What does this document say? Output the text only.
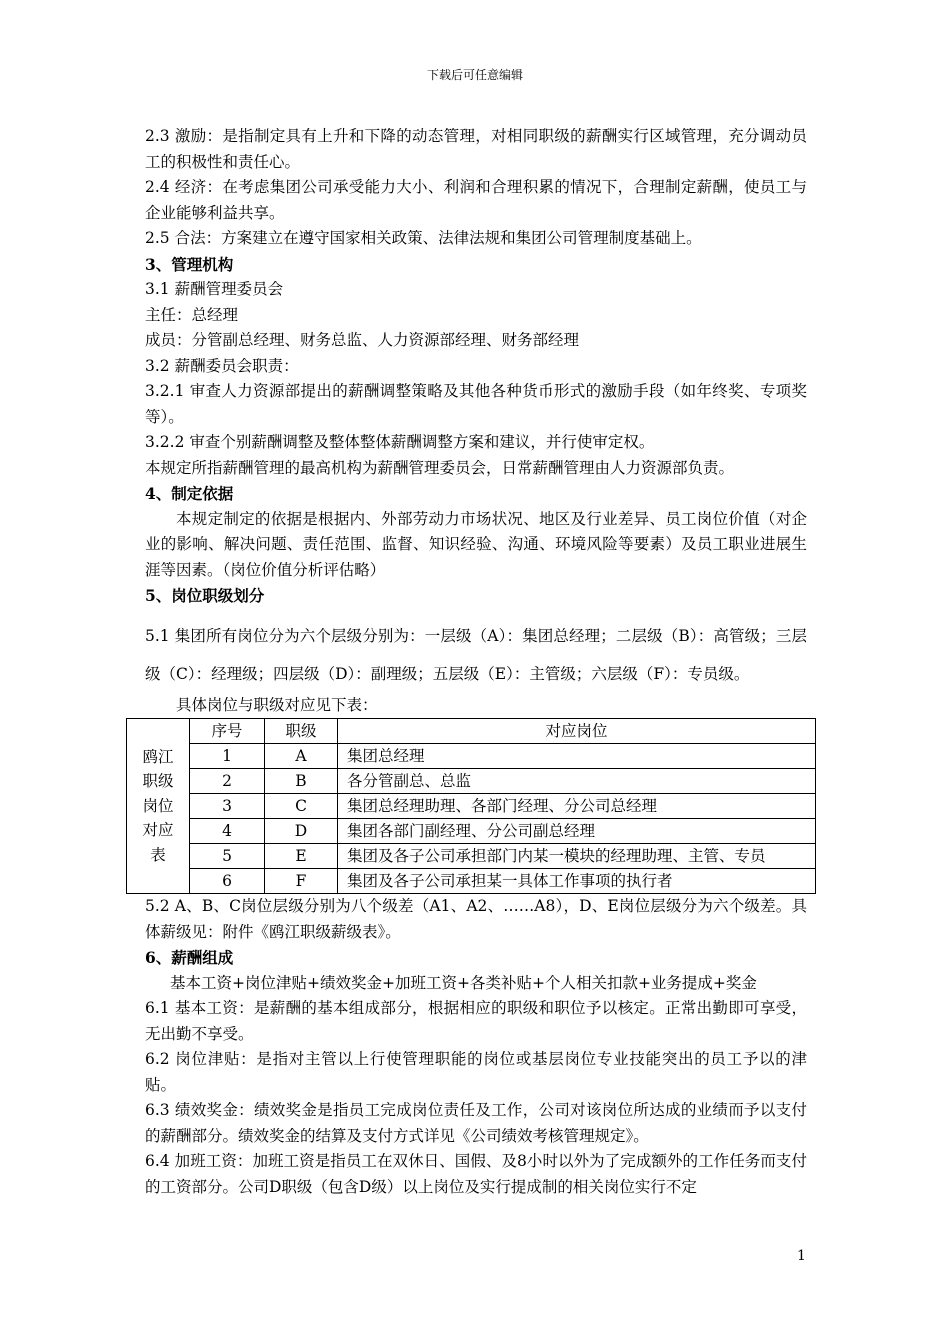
下载后可任意编辑

2.3 激励：是指制定具有上升和下降的动态管理，对相同职级的薪酬实行区域管理，充分调动员工的积极性和责任心。

2.4 经济：在考虑集团公司承受能力大小、利润和合理积累的情况下，合理制定薪酬，使员工与企业能够利益共享。

2.5 合法：方案建立在遵守国家相关政策、法律法规和集团公司管理制度基础上。

3、管理机构

3.1 薪酬管理委员会

主任：总经理

成员：分管副总经理、财务总监、人力资源部经理、财务部经理

3.2 薪酬委员会职责：

3.2.1 审查人力资源部提出的薪酬调整策略及其他各种货币形式的激励手段（如年终奖、专项奖等）。

3.2.2 审查个别薪酬调整及整体整体薪酬调整方案和建议，并行使审定权。

本规定所指薪酬管理的最高机构为薪酬管理委员会，日常薪酬管理由人力资源部负责。

4、制定依据

本规定制定的依据是根据内、外部劳动力市场状况、地区及行业差异、员工岗位价值（对企业的影响、解决问题、责任范围、监督、知识经验、沟通、环境风险等要素）及员工职业进展生涯等因素。（岗位价值分析评估略）

5、岗位职级划分

5.1 集团所有岗位分为六个层级分别为：一层级（A）：集团总经理；二层级（B）：高管级；三层级（C）：经理级；四层级（D）：副理级；五层级（E）：主管级；六层级（F）：专员级。

具体岗位与职级对应见下表：

鸥江
职级
岗位
对应
表	序号	职级	对应岗位
	1	A	集团总经理
	2	B	各分管副总、总监
	3	C	集团总经理助理、各部门经理、分公司总经理
	4	D	集团各部门副经理、分公司副总经理
	5	E	集团及各子公司承担部门内某一模块的经理助理、主管、专员
	6	F	集团及各子公司承担某一具体工作事项的执行者

5.2 A、B、C岗位层级分别为八个级差（A1、A2、……A8），D、E岗位层级分为六个级差。具体薪级见：附件《鸥江职级薪级表》。

6、薪酬组成

基本工资+岗位津贴+绩效奖金+加班工资+各类补贴+个人相关扣款+业务提成+奖金

6.1 基本工资：是薪酬的基本组成部分，根据相应的职级和职位予以核定。正常出勤即可享受，无出勤不享受。

6.2 岗位津贴：是指对主管以上行使管理职能的岗位或基层岗位专业技能突出的员工予以的津贴。

6.3 绩效奖金：绩效奖金是指员工完成岗位责任及工作，公司对该岗位所达成的业绩而予以支付的薪酬部分。绩效奖金的结算及支付方式详见《公司绩效考核管理规定》。

6.4 加班工资：加班工资是指员工在双休日、国假、及8小时以外为了完成额外的工作任务而支付的工资部分。公司D职级（包含D级）以上岗位及实行提成制的相关岗位实行不定

1
